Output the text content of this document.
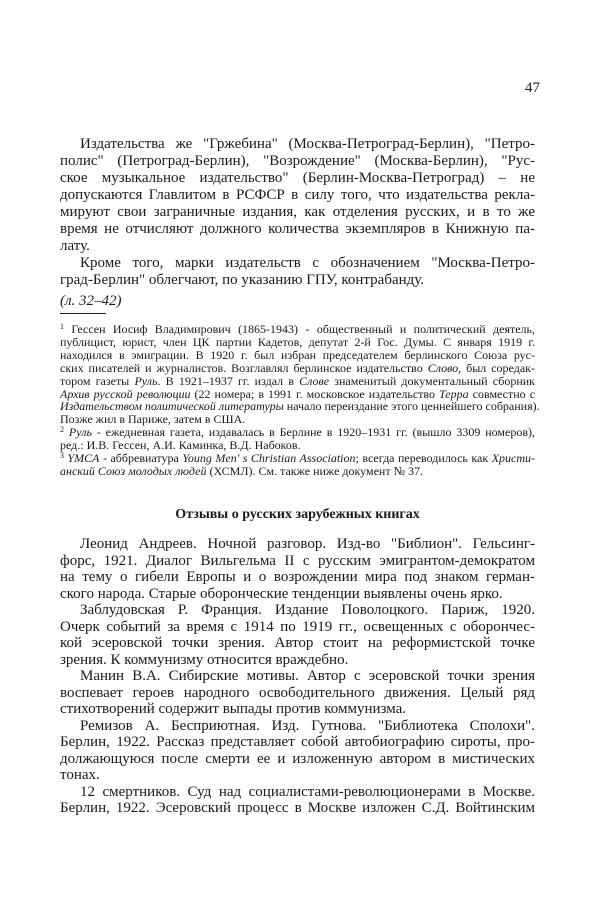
47
Издательства же "Гржебина" (Москва-Петроград-Берлин), "Петро-
полис" (Петроград-Берлин), "Возрождение" (Москва-Берлин), "Рус-
ское музыкальное издательство" (Берлин-Москва-Петроград) – не
допускаются Главлитом в РСФСР в силу того, что издательства рекла-
мируют свои заграничные издания, как отделения русских, и в то же
время не отчисляют должного количества экземпляров в Книжную па-
лату.
Кроме того, марки издательств с обозначением "Москва-Петро-
град-Берлин" облегчают, по указанию ГПУ, контрабанду.
(л. 32–42)
$^1$ Гессен Иосиф Владимирович (1865-1943) - общественный и политический деятель,
публицист, юрист, член ЦК партии Кадетов, депутат 2-й Гос. Думы. С января 1919 г.
находился в эмиграции. В 1920 г. был избран председателем берлинского Союза рус-
ских писателей и журналистов. Возглавлял берлинское издательство Слово, был соредак-
тором газеты Руль. В 1921–1937 гг. издал в Слове знаменитый документальный сборник
Архив русской революции (22 номера; в 1991 г. московское издательство Терра совместно с
Издательством политической литературы начало переиздание этого ценнейшего собрания).
Позже жил в Париже, затем в США.
$^2$ Руль - ежедневная газета, издавалась в Берлине в 1920–1931 гг. (вышло 3309 номеров),
ред.: И.В. Гессен, А.И. Каминка, В.Д. Набоков.
$^3$ YMCA - аббревиатура Young Men' s Christian Association; всегда переводилось как Христи-
анский Союз молодых людей (ХСМЛ). См. также ниже документ № 37.
Отзывы о русских зарубежных книгах
Леонид Андреев. Ночной разговор. Изд-во "Библион". Гельсинг-
форс, 1921. Диалог Вильгельма II с русским эмигрантом-демократом
на тему о гибели Европы и о возрождении мира под знаком герман-
ского народа. Старые оборончеcкие тенденции выявлены очень ярко.
Заблудовская Р. Франция. Издание Поволоцкого. Париж, 1920.
Очерк событий за время с 1914 по 1919 гг., освещенных с оборончес-
кой эсеровской точки зрения. Автор стоит на реформистской точке
зрения. К коммунизму относится враждебно.
Манин В.А. Сибирские мотивы. Автор с эсеровской точки зрения
воспевает героев народного освободительного движения. Целый ряд
стихотворений содержит выпады против коммунизма.
Ремизов А. Бесприютная. Изд. Гутнова. "Библиотека Сполохи".
Берлин, 1922. Рассказ представляет собой автобиографию сироты, про-
должающуюся после смерти ее и изложенную автором в мистических
тонах.
12 смертников. Суд над социалистами-революционерами в Москве.
Берлин, 1922. Эсеровский процесс в Москве изложен С.Д. Войтинским
